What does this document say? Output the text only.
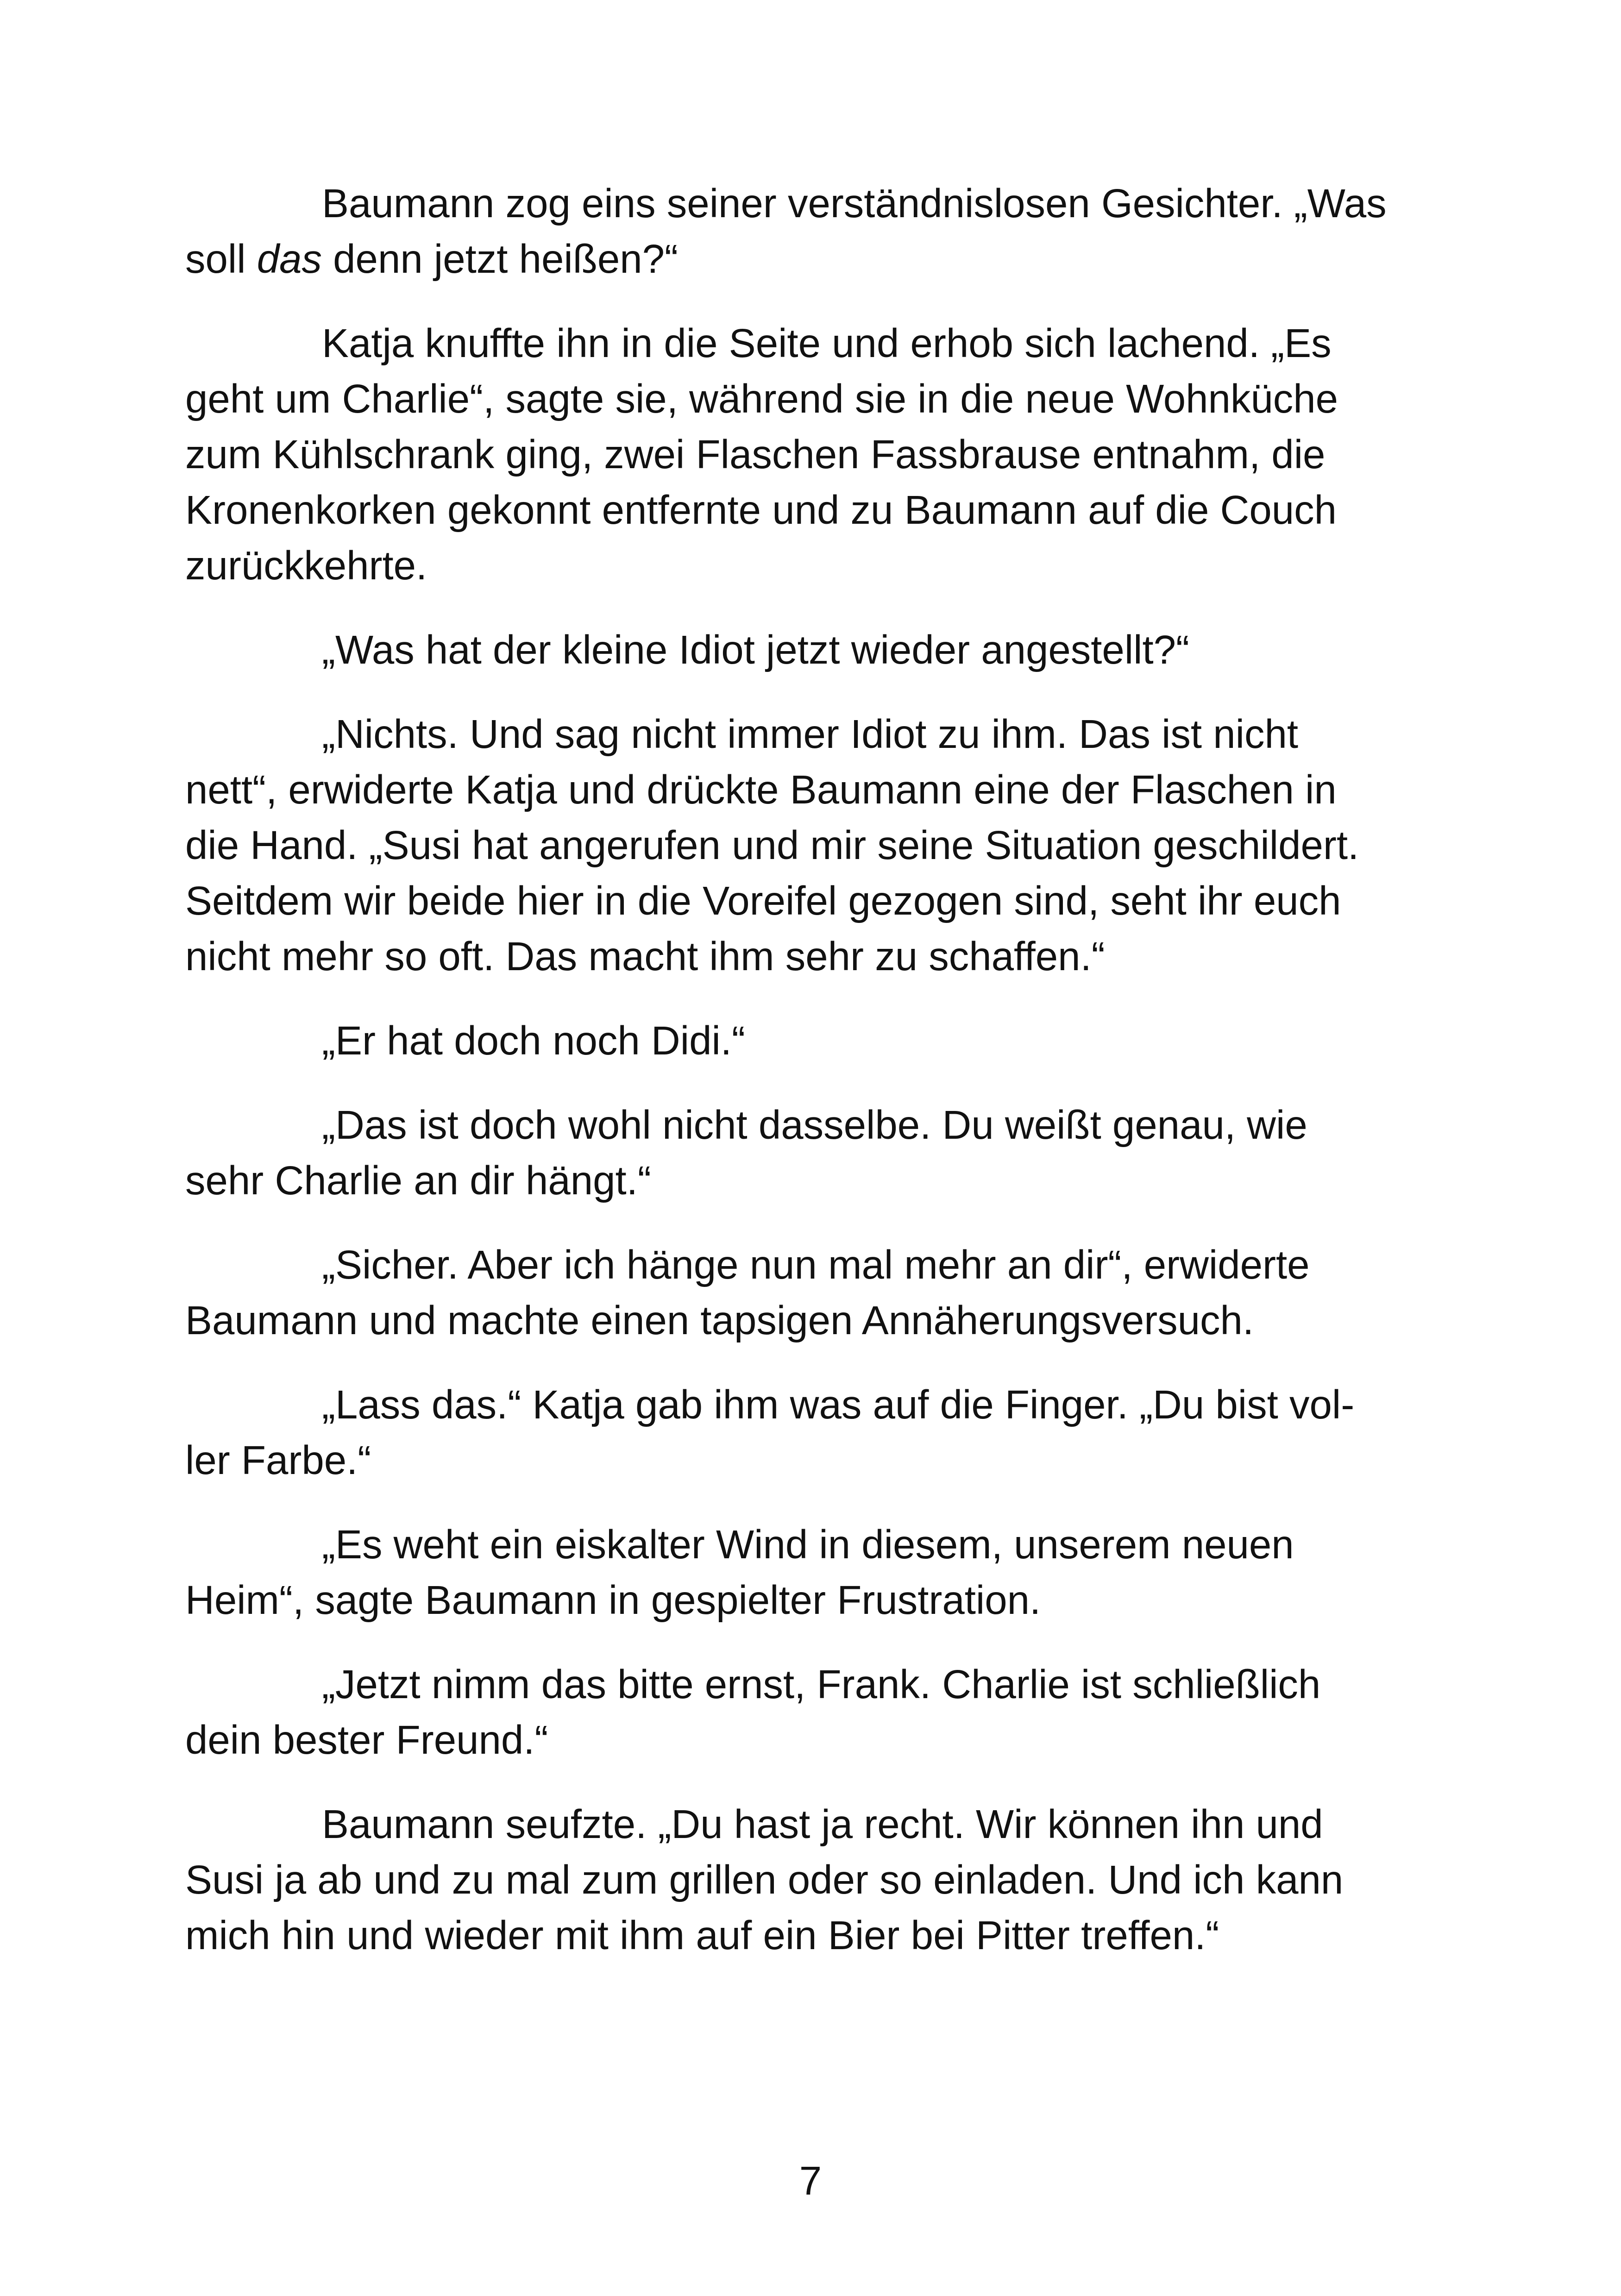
Baumann zog eins seiner verständnislosen Gesichter. „Was
soll das denn jetzt heißen?“

Katja knuffte ihn in die Seite und erhob sich lachend. „Es
geht um Charlie“, sagte sie, während sie in die neue Wohnküche
zum Kühlschrank ging, zwei Flaschen Fassbrause entnahm, die
Kronenkorken gekonnt entfernte und zu Baumann auf die Couch
zurückkehrte.

„Was hat der kleine Idiot jetzt wieder angestellt?“

„Nichts. Und sag nicht immer Idiot zu ihm. Das ist nicht
nett“, erwiderte Katja und drückte Baumann eine der Flaschen in
die Hand. „Susi hat angerufen und mir seine Situation geschildert.
Seitdem wir beide hier in die Voreifel gezogen sind, seht ihr euch
nicht mehr so oft. Das macht ihm sehr zu schaffen.“

„Er hat doch noch Didi.“

„Das ist doch wohl nicht dasselbe. Du weißt genau, wie
sehr Charlie an dir hängt.“

„Sicher. Aber ich hänge nun mal mehr an dir“, erwiderte
Baumann und machte einen tapsigen Annäherungsversuch.

„Lass das.“ Katja gab ihm was auf die Finger. „Du bist vol-
ler Farbe.“

„Es weht ein eiskalter Wind in diesem, unserem neuen
Heim“, sagte Baumann in gespielter Frustration.

„Jetzt nimm das bitte ernst, Frank. Charlie ist schließlich
dein bester Freund.“

Baumann seufzte. „Du hast ja recht. Wir können ihn und
Susi ja ab und zu mal zum grillen oder so einladen. Und ich kann
mich hin und wieder mit ihm auf ein Bier bei Pitter treffen.“

7
